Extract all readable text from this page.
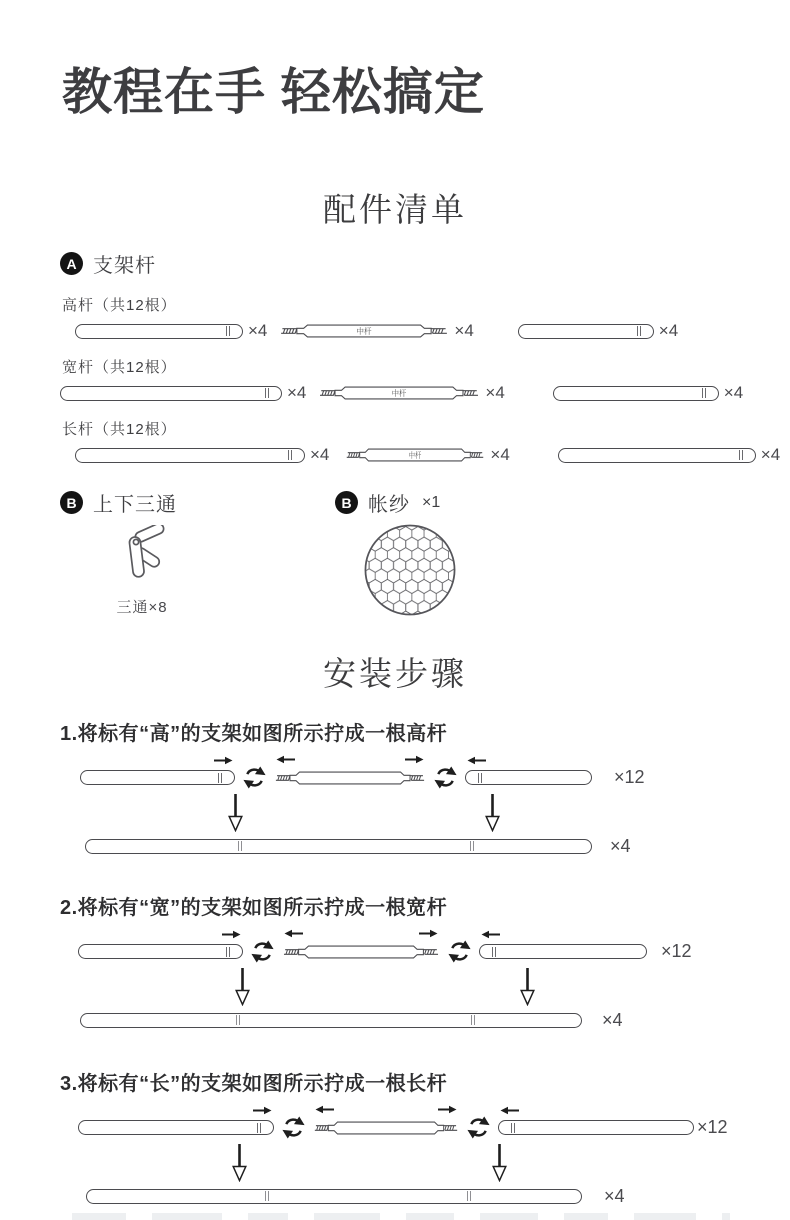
教程在手 轻松搞定
配件清单
A 支架杆
高杆（共12根）
×4	中杆	×4	×4
宽杆（共12根）
×4	中杆	×4	×4
长杆（共12根）
×4	中杆	×4	×4
B 上下三通
三通×8
B 帐纱 ×1
安装步骤
1.将标有“高”的支架如图所示拧成一根高杆
×12
×4
2.将标有“宽”的支架如图所示拧成一根宽杆
×12
×4
3.将标有“长”的支架如图所示拧成一根长杆
×12
×4
